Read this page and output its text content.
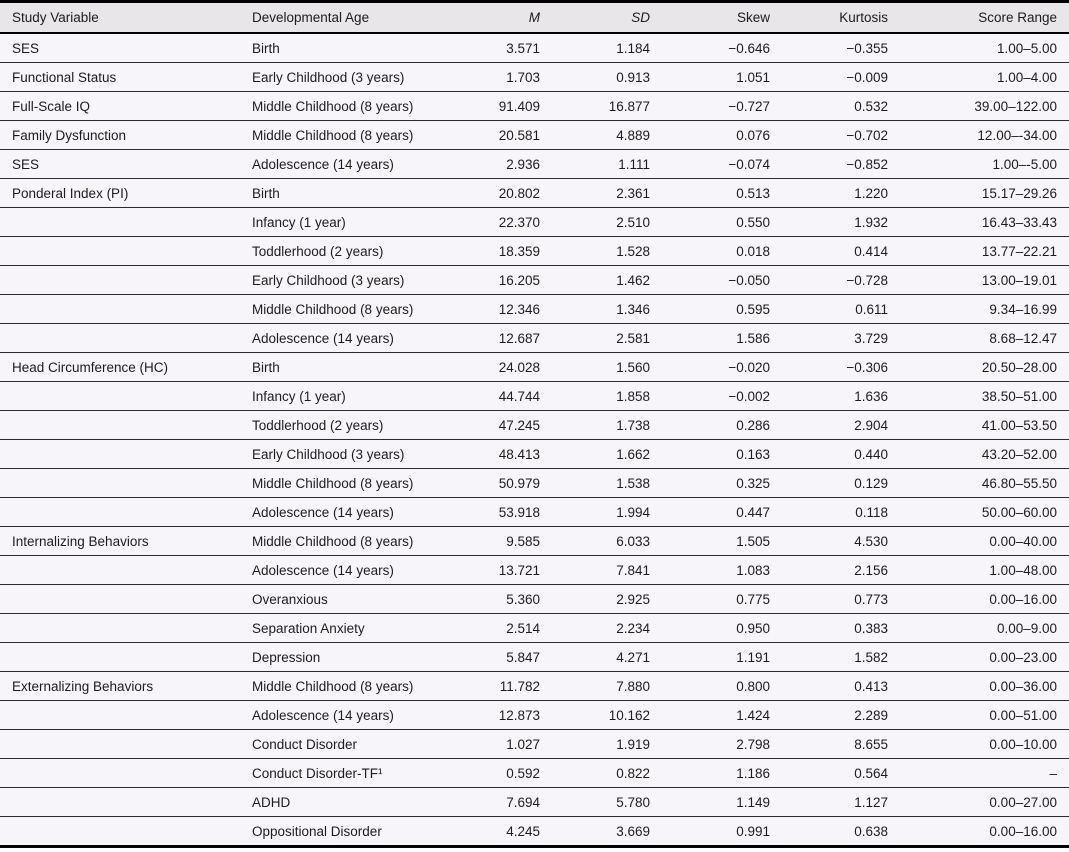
Study Variable	Developmental Age	M	SD	Skew	Kurtosis	Score Range
SES	Birth	3.571	1.184	−0.646	−0.355	1.00–5.00
Functional Status	Early Childhood (3 years)	1.703	0.913	1.051	−0.009	1.00–4.00
Full-Scale IQ	Middle Childhood (8 years)	91.409	16.877	−0.727	0.532	39.00–122.00
Family Dysfunction	Middle Childhood (8 years)	20.581	4.889	0.076	−0.702	12.00–-34.00
SES	Adolescence (14 years)	2.936	1.111	−0.074	−0.852	1.00–-5.00
Ponderal Index (PI)	Birth	20.802	2.361	0.513	1.220	15.17–29.26
	Infancy (1 year)	22.370	2.510	0.550	1.932	16.43–33.43
	Toddlerhood (2 years)	18.359	1.528	0.018	0.414	13.77–22.21
	Early Childhood (3 years)	16.205	1.462	−0.050	−0.728	13.00–19.01
	Middle Childhood (8 years)	12.346	1.346	0.595	0.611	9.34–16.99
	Adolescence (14 years)	12.687	2.581	1.586	3.729	8.68–12.47
Head Circumference (HC)	Birth	24.028	1.560	−0.020	−0.306	20.50–28.00
	Infancy (1 year)	44.744	1.858	−0.002	1.636	38.50–51.00
	Toddlerhood (2 years)	47.245	1.738	0.286	2.904	41.00–53.50
	Early Childhood (3 years)	48.413	1.662	0.163	0.440	43.20–52.00
	Middle Childhood (8 years)	50.979	1.538	0.325	0.129	46.80–55.50
	Adolescence (14 years)	53.918	1.994	0.447	0.118	50.00–60.00
Internalizing Behaviors	Middle Childhood (8 years)	9.585	6.033	1.505	4.530	0.00–40.00
	Adolescence (14 years)	13.721	7.841	1.083	2.156	1.00–48.00
	Overanxious	5.360	2.925	0.775	0.773	0.00–16.00
	Separation Anxiety	2.514	2.234	0.950	0.383	0.00–9.00
	Depression	5.847	4.271	1.191	1.582	0.00–23.00
Externalizing Behaviors	Middle Childhood (8 years)	11.782	7.880	0.800	0.413	0.00–36.00
	Adolescence (14 years)	12.873	10.162	1.424	2.289	0.00–51.00
	Conduct Disorder	1.027	1.919	2.798	8.655	0.00–10.00
	Conduct Disorder-TF¹	0.592	0.822	1.186	0.564	–
	ADHD	7.694	5.780	1.149	1.127	0.00–27.00
	Oppositional Disorder	4.245	3.669	0.991	0.638	0.00–16.00
